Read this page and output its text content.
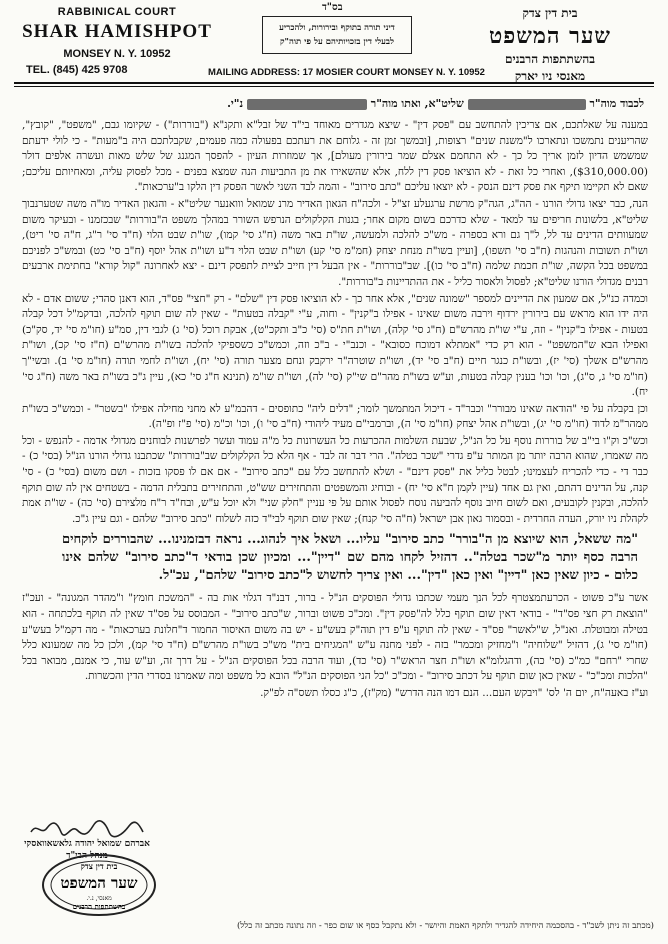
RABBINICAL COURT
SHAR HAMISHPOT
MONSEY N. Y. 10952
TEL. (845) 425 9708
בס"ד
דיני תורה בתוקף ובירורות, ולהכריע
לבעלי דין בזכויותיהם על פי תוה"ק
בית דין צדק
שער המשפט
בהשתתפות הרבנים
מאנסי ניו יארק
MAILING ADDRESS: 17 MOSIER COURT MONSEY N. Y. 10952
לכבוד מוה"ר  שליט"א, ואתו מוה"ר  נ"י.

במענה על שאלתכם, אם צריכין להתחשב עם "פסק דין" - שיצא מגדרים מאוחד בי"ד של זבל"א ותקנ"א ("בוררות") - שקיומו גבם, "משפט", "קובץ", שהריענים נתמשכו ונתארכו ל"משנת שנים" רצופות, [ובמשך זמן זה - גלוחם את רעתכם בפעולה כמה פעמים, שקבלתכם היה ב"מעות" - כי לולי ידעתם שמשמש הדיון לזמן אריך כל כך - לא התחמם אצלם שמר בירורין מעולם], אך שמוזרות העיון - להפסך המגנג של שלש מאות ועשרה אלפים דולר ($310,000.00), ואחרי כל זאת - לא הוציאו פסק דין ללח, אלא שהשאירו את מן התביעות הנה שמצא בפנים - מכל לפסוק עליה, ומאחיותם עליכם; שאם לא תקיימו תיקף את פסק דינם הנסק - לא יוצאו עליכם "כתב סירוב" - והמה לבד השני לאשר הפסק דין הלקו ב"ערכאות".

הנה, כבר יצאו גדולי הורנו - הה"ג, הגה"ק מרשת ערגעלע זצ"ל - ולכה"ח הגאון האדיר מרנ שמואל ווואנער שליט"א - והגאון האדיר מו"ה משה שטערנבוך שליט"א, בלשונות חריפים עד למאד - שלא כדרכם בשום מקום אחר; בגנות הקלקולים הנרפש השורר במהלך משפט ה"בוררות" שבכזמנו - ובעיקר משום שמעוותים הדינים עד לל, ל"ך גם ורא בספרה - מש"כ להלכה ולמעשה, שו"ת באר משה (ח"ג סי' קמו), שו"ת שבט הלוי (ח"ד סי' ר"ג, ח"ה סי' ריט), ושו"ת תשובות והנהגות (ח"ב סי' תשפו), [ועיין בשו"ת מנחת יצחק (חמ"מ סי' קע) ושו"ת שבט הלוי ד"ע ושו"ת אהל יוסף (ח"ב סי' כט) ובמש"כ לפניכם במשפט בכל הקשה, שו"ת חכמת שלמה (ח"ב סי' כו)]. שב"בוררות" - אין הבעל דין חייב לציית לתפסק דינם - יצא לאחרונה "קול קורא" בחתימת ארבעים רבנים מגדולי הורנו שליט"א; לפסול ולאסור כליל - את ההתדיינות ב"בוררות".

וכמדה כנ"ל, אם שמעון את הדיינים למספר "שמונה שנים", אלא אחר כך - לא הוציאו פסק דין "שלם" - רק "חצי" פס"ד, הוא דאנן סהדי; ששום אדם - לא היה ידו הוא מראש עם בירורין ירדוף וירבה משום שאינו - אפילו ב"קנין" - וחוה, ע"י "קבלה בטעות" - שאין לה שום תוקף להלכה, ובדקמ"ל דכל קבלה בטעות - אפילו ב"קנין" - וזה, ע"י שו"ת מהרש"ם (ח"ג סי' קלה), ושו"ת חת"ס (סי' כ"ב ותקכ"ט), אבקת רוכל (סי' ג) לגבי דין, סמ"ע (חו"מ סי' יד, סק"כ) ואפילו הבא ש"המשפט" - הוא רק כדי "אמתלא דמוכח כסובא" - וכנב"י - ב"כ וזה, וכמש"כ כשספיקי להלכה בשו"ת מהרש"ם (ח"ז סי' קכ), ושו"ת מהרש"ם אשלך (סי' יז), ובשו"ת כנגר חיים (ח"ב סי' יד), ושו"ת שוטרה"ר ירקבק ונחם מצער תורה (סי' יח), ושו"ת לחמי תודה (חו"מ סי' ב). ובשי"ך (חו"מ סי' ג, ס"ג), וכו' וכו' בענין קבלה בטעות, וע"ש בשו"ת מהר"ם שי"ק (סי' לה), ושו"ת שו"מ (תנינא ח"ג סי' כא), עיין ג"כ בשו"ת באר משה (ח"ג סי' יח).

וכן בקבלה על פי "הודאה שאינו מבורר" וכבר"ד - דיכול המתמשך לומר; "דלים ליה" כתופסים - דהבמ"ע לא מחני מחילה אפילו "בשטר" - וכמש"כ בשו"ת ממהר"מ לדוד (חו"מ סי' יג), ובשו"ת אהל יצחק (חו"מ סי' ה), וברמבי"ם מעיד ליהודי (ח"ב סי' ו), וכו' וכ"מ (סי' פ"ז ופ"ה).

וכש"כ וק"ו בי"ב של בוררות נוסף על כל הנ"ל, שבעת השלמות ההכרעות כל העשרונות כל מ"ה עמוד ועשר לפרשנות לבוחנים מגדולי אדמה - להנפש - וכל מה שאמרו, שהוא הרבה יותר מן המותר ע"פ גדרי "שכר בטלה". הרי דבר זה לבד - אף הלא כל הקלקולים שב"בוררות" שכתבנו גדולי הורנו הנ"ל (בסי' כ) - כבר די - כדי להכריח לעצמינו; לבטל כליל את "פסק דינם" - ושלא להתחשב כלל עם "כתב סירוב" - אם אם לו פסקו בזכות - ושם משום (בסי' כ) - סי' קנה, על הדינים דהתם, ואין גם אחד (עיין לקמן ח"א סי' יח) - ובוחיג והמשפטים והתחזירים שש"ט, והתחזירים בתבלית הדמה - בשטחים אין לה שום תוקף להלכה, ובקנין לקובעים, ואם לשום חיוב נוסף להביעה נוסח לפסול אותם על פי עניין "חלק שני" ולא יוכל ע"ש, ובח"ד ר"ח מלצירם (סי' כה) - שו"ת אמת לקהלת ניו יורק, העדה החרדית - ובסמור גאון אבן ישראל (ח"ה סי' קנח); שאין שום תוקף לבי"ד כזה לשלוח "כתב סירוב" שלהם - וגם עיין ג"כ.

"מה ששאל, הוא שיוצא מן ה"בורר" כתב סירוב" עליו... ושאל איך לנהוג... נראה דבזמנינו... שהבוררים לוקחים הרבה כסף יותר מ"שכר בטלה".. דהזיל לקחו מהם שם "דיין"... ומכיון שכן בודאי ד"כתב סירוב" שלהם אינו כלום - כיון שאין כאן "דיין" ואין כאן "דין"... ואין צריך לחשוש ל"כתב סירוב" שלהם", עכ"ל.

אשר ע"כ פשוט - הכרעתמצטרף לכל הנך מעמי שכתבו גדולי הפוסקים הנ"ל - ברור, דבנ"ד דגלוי אות בה - "המשכת חומץ" ו"מהדר המגונה" - ועכ"ז "הוצאת רק חצי פס"ד" - בודאי דאין שום תוקף כלל לה"פסק דין". ומכ"כ פשוט וברור, ש"כתב סירוב" - המבוסס על פס"ד שאין לה תוקף בלכתחה - הוא בטילה ומבוטלת. ואנ"ל, ש"לאשר" פס"ד - שאין לה תוקף ע"פ דין תוה"ק בעש"ע - יש בה משום האיסור החמור ד"חלונת בערכאות" - מה דקמ"ל בעש"ע (חו"מ סי' ג), דהזיל "שלוחיה" ו"מחזיק ומכמר" בזה - לפני מחנה ע"ש "המגיחים בית" מש"כ בשו"ת מהרש"ם (ח"ד סי' קמ), ולכן כל מה שמעונא כלל שחרי "רחם" כמ"כ (סי' כה), ודהגלומ"א ושו"ת חצר הראש"ר (סי' כד), ועוד הרבה בכל הפוסקים הנ"ל - על דרך זה, וע"ש עוד, כי אמנם, מבואר בכל "הלכות ומכ"כ" - שאין כאן שום תוקף על דכתב סירוב" - ומכ"כ "כל הני הפוסקים הנ"ל" הובא כל משפט ומה שאמרנו בסדרי הדין והכשרות.

וע"ז באעה"ח, יום ה' לס' "ויבקש העם... הנם דמו הנה הדרש" (מק"ז), כ"ג כסלו תשס"ה לפ"ק.

אברהם שמואל יהודה גלאשאוואסקי
מנהל הבי"ד
בית דין צדק
שער המשפט
מאנסי, נ.י.
בהשתתפות הרבנים
(מכתב זה ניתן לשכ"ד - בהסכמה היחידה להגדיר ולתקף האמת והיושר - ולא נתקבל כסף או שום כפר - וזה נתונה מכתב זה כלל)
